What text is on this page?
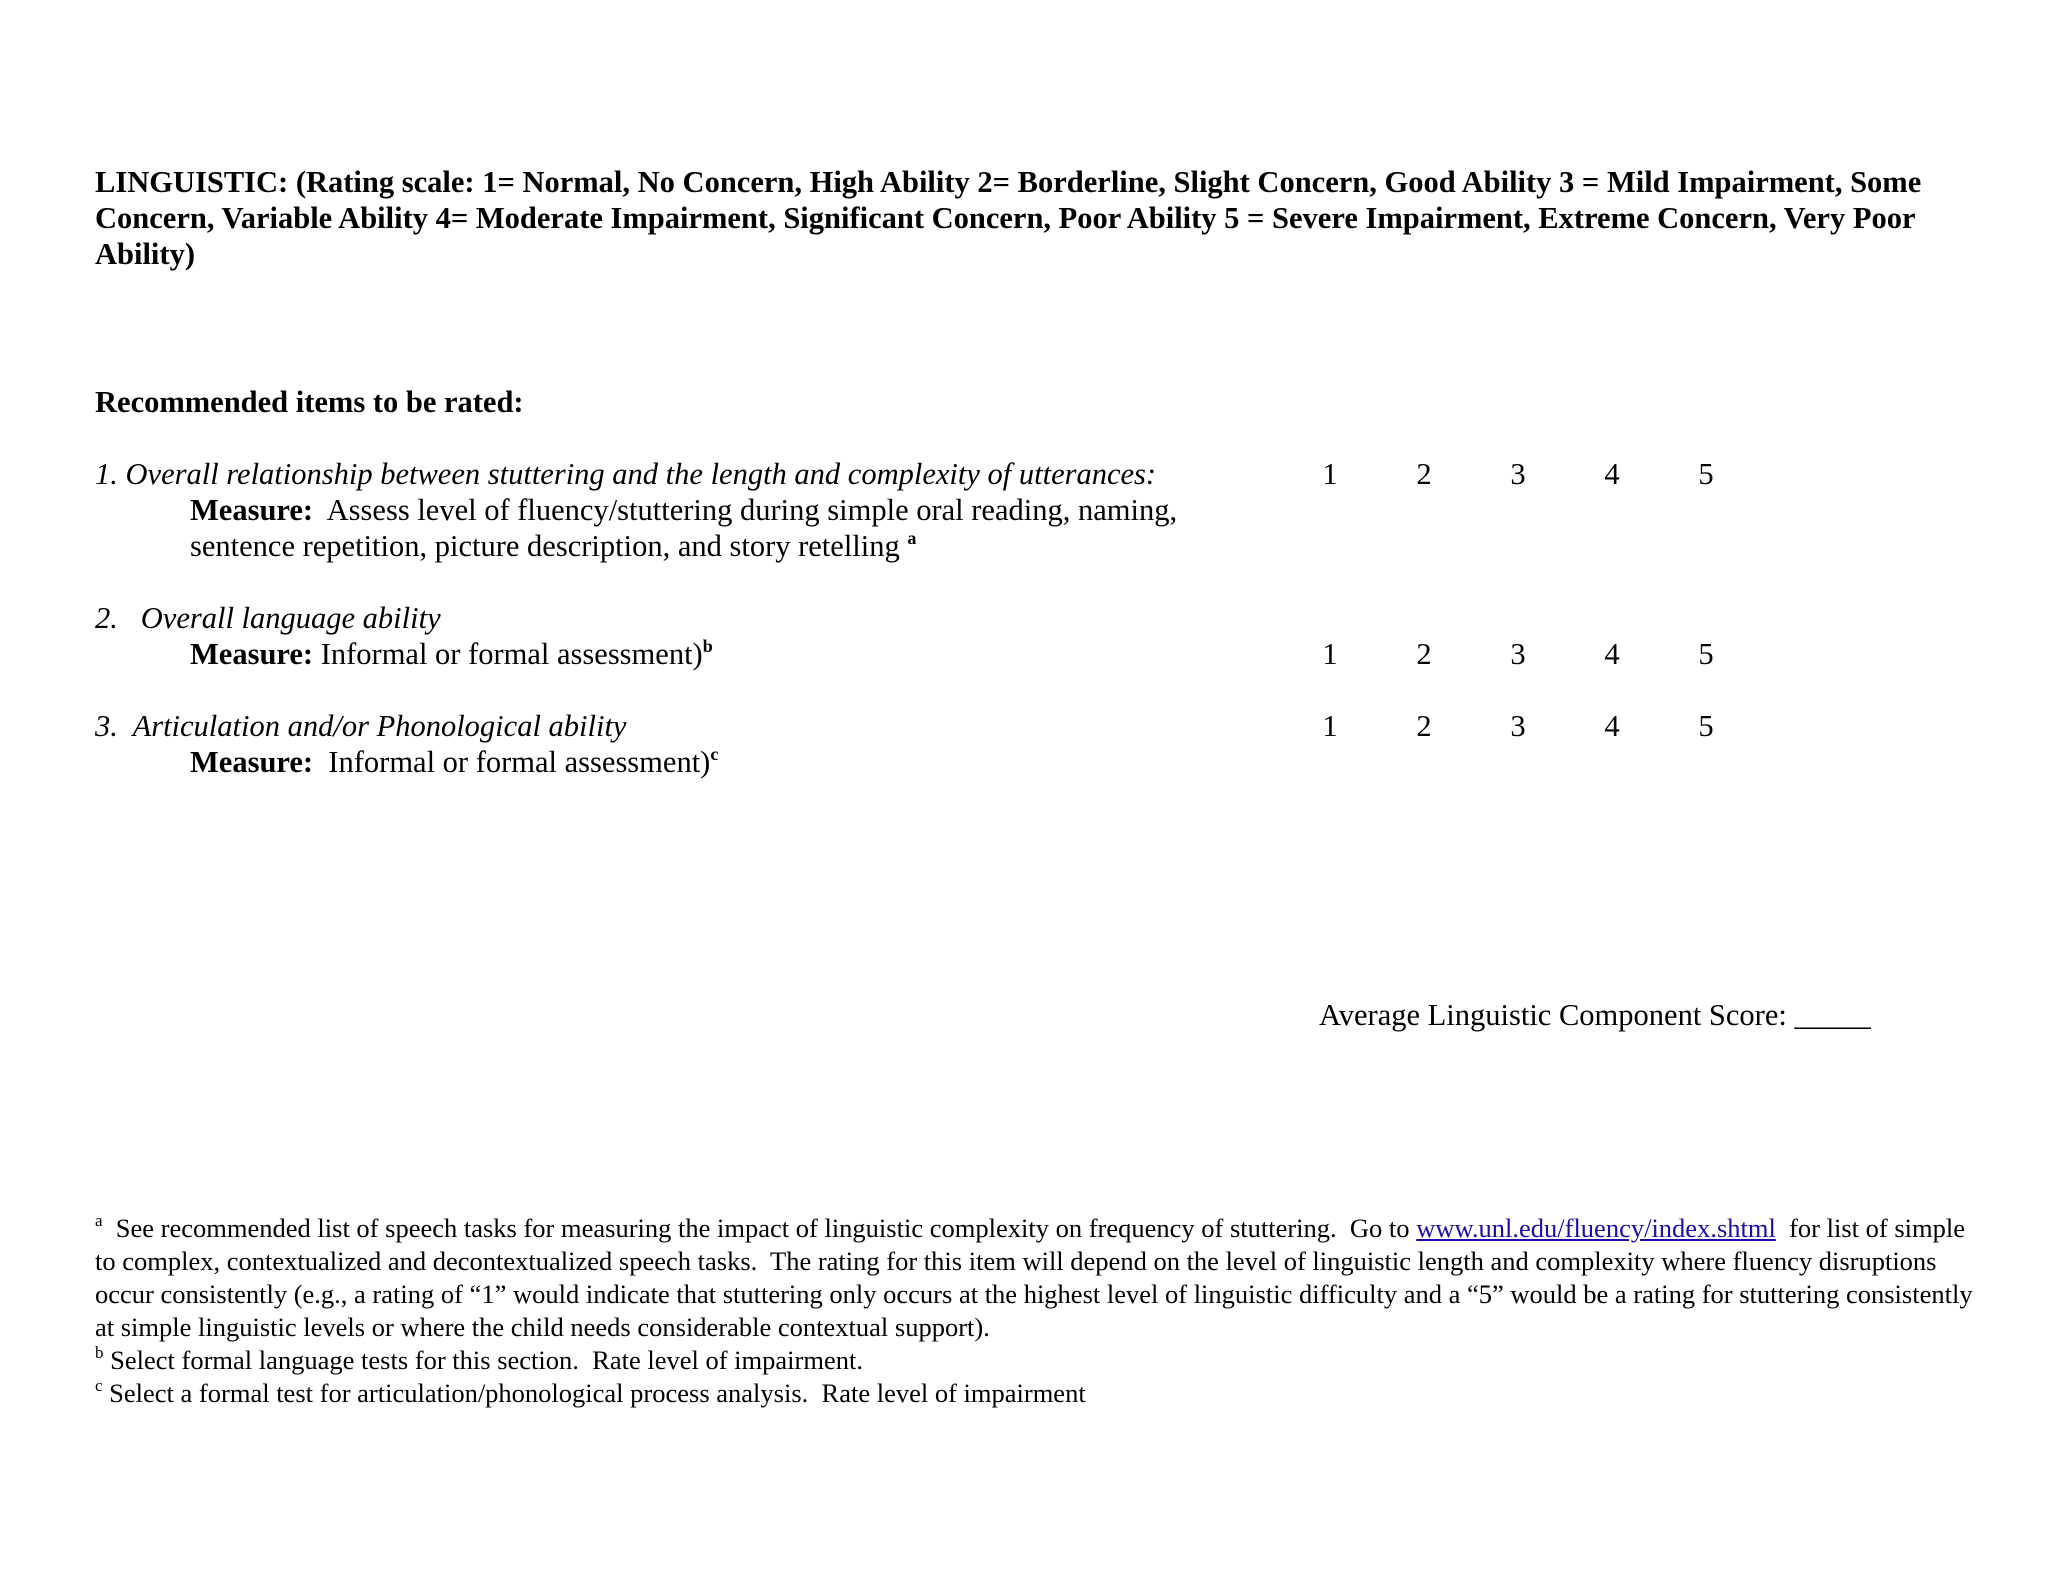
LINGUISTIC: (Rating scale: 1= Normal, No Concern, High Ability 2= Borderline, Slight Concern, Good Ability 3 = Mild Impairment, Some Concern, Variable Ability 4= Moderate Impairment, Significant Concern, Poor Ability 5 = Severe Impairment, Extreme Concern, Very Poor Ability)
Recommended items to be rated:
1. Overall relationship between stuttering and the length and complexity of utterances:
Measure:  Assess level of fluency/stuttering during simple oral reading, naming,
sentence repetition, picture description, and story retelling $^a$
1	2	3	4	5
2.   Overall language ability
Measure: Informal or formal assessment)$^b$	1	2	3	4	5
3.  Articulation and/or Phonological ability
Measure:  Informal or formal assessment)$^c$
1	2	3	4	5
Average Linguistic Component Score: _____

$^a$  See recommended list of speech tasks for measuring the impact of linguistic complexity on frequency of stuttering.  Go to www.unl.edu/fluency/index.shtml  for list of simple to complex, contextualized and decontextualized speech tasks.  The rating for this item will depend on the level of linguistic length and complexity where fluency disruptions occur consistently (e.g., a rating of “1” would indicate that stuttering only occurs at the highest level of linguistic difficulty and a “5” would be a rating for stuttering consistently at simple linguistic levels or where the child needs considerable contextual support).

$^b$ Select formal language tests for this section.  Rate level of impairment.

$^c$ Select a formal test for articulation/phonological process analysis.  Rate level of impairment
